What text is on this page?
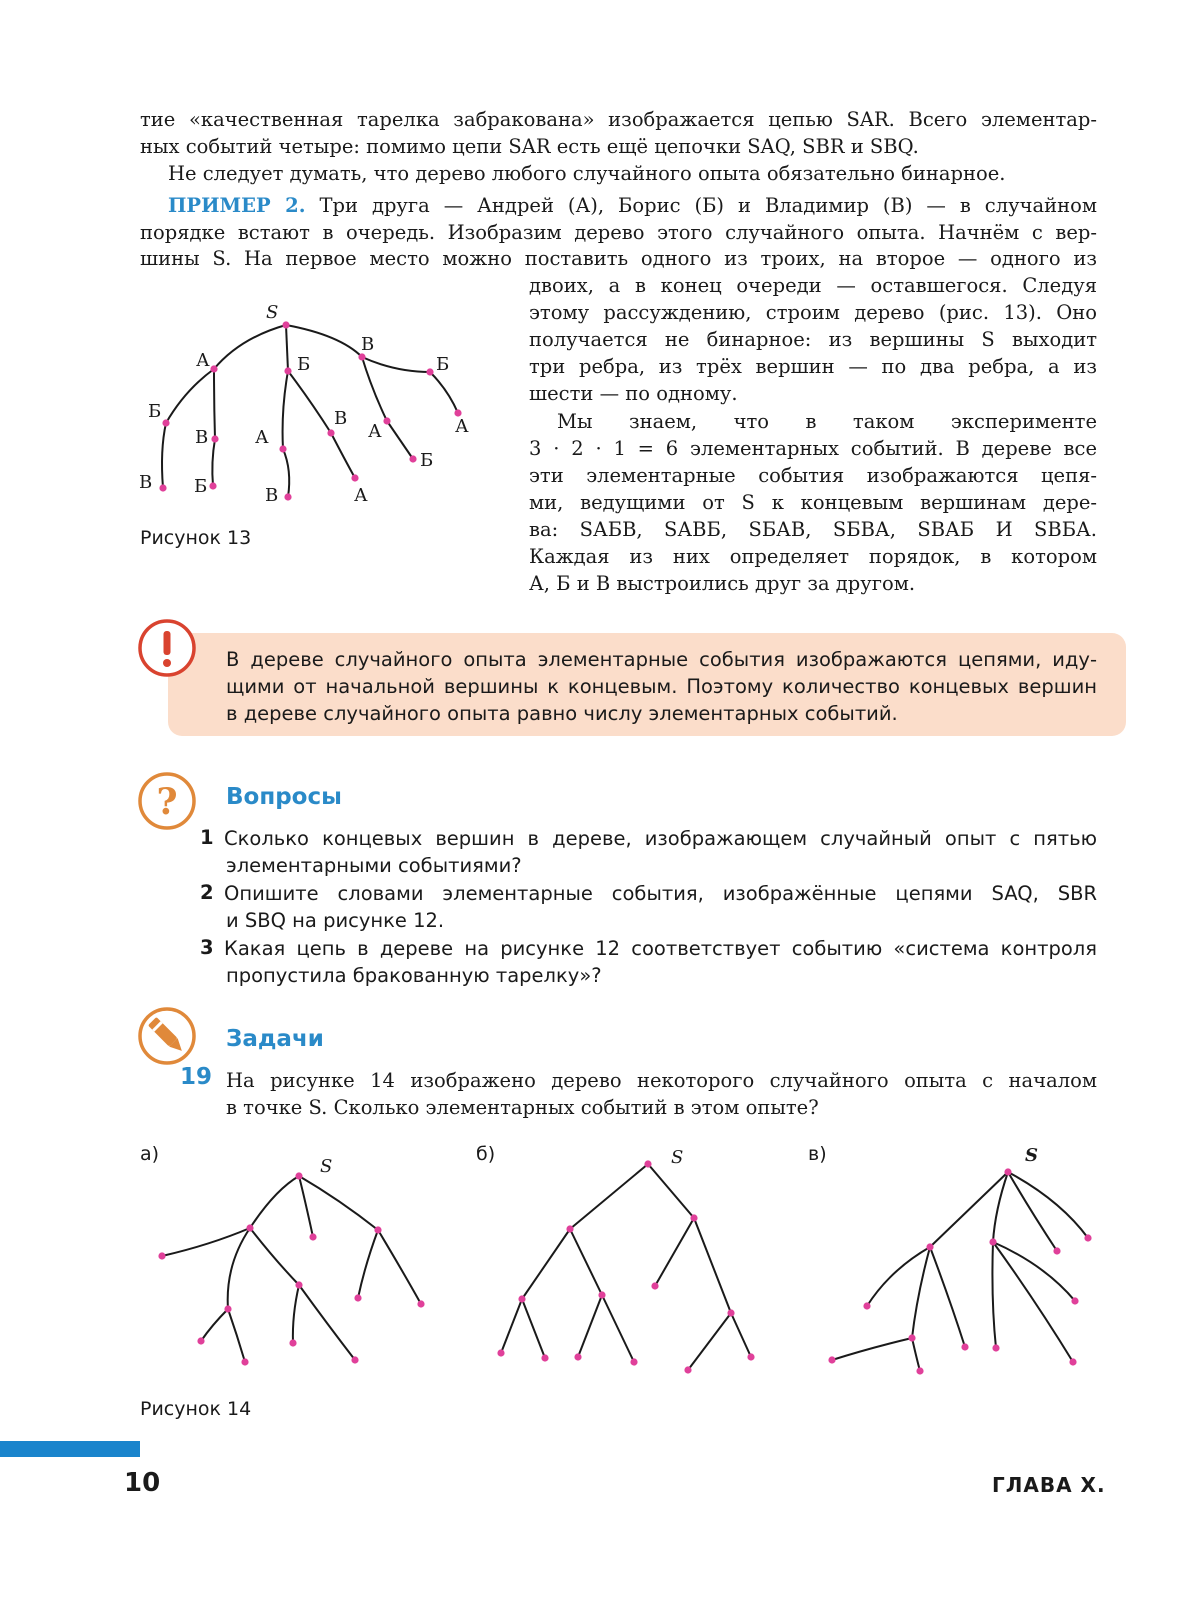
тие «качественная тарелка забракована» изображается цепью SAR. Всего элементар-
ных событий четыре: помимо цепи SAR есть ещё цепочки SAQ, SBR и SBQ.
Не следует думать, что дерево любого случайного опыта обязательно бинарное.
ПРИМЕР 2. Три друга — Андрей (А), Борис (Б) и Владимир (В) — в случайном
порядке встают в очередь. Изобразим дерево этого случайного опыта. Начнём с вер-
шины S. На первое место можно поставить одного из троих, на второе — одного из
двоих, а в конец очереди — оставшегося. Следуя
этому рассуждению, строим дерево (рис. 13). Оно
получается не бинарное: из вершины S выходит
три ребра, из трёх вершин — по два ребра, а из
шести — по одному.
Мы знаем, что в таком эксперименте
3 · 2 · 1 = 6 элементарных событий. В дереве все
эти элементарные события изображаются цепя-
ми, ведущими от S к концевым вершинам дере-
ва: SАБВ, SАВБ, SБАВ, SБВА, SВАБ И SВБА.
Каждая из них определяет порядок, в котором
А, Б и В выстроились друг за другом.
S
А	Б
В
Б
В
В Б
А
В
В	А
А
Б
Б
А
Рисунок 13
В дереве случайного опыта элементарные события изображаются цепями, иду-
щими от начальной вершины к концевым. Поэтому количество концевых вершин
в дереве случайного опыта равно числу элементарных событий.
? Вопросы
1 Сколько концевых вершин в дереве, изображающем случайный опыт с пятью
элементарными событиями?
2 Опишите словами элементарные события, изображённые цепями SAQ, SBR
и SBQ на рисунке 12.
3 Какая цепь в дереве на рисунке 12 соответствует событию «система контроля
пропустила бракованную тарелку»?
Задачи
19 На рисунке 14 изображено дерево некоторого случайного опыта с началом
в точке S. Сколько элементарных событий в этом опыте?
а)	б)	в)
S	S	S
Рисунок 14
10	ГЛАВА X.
